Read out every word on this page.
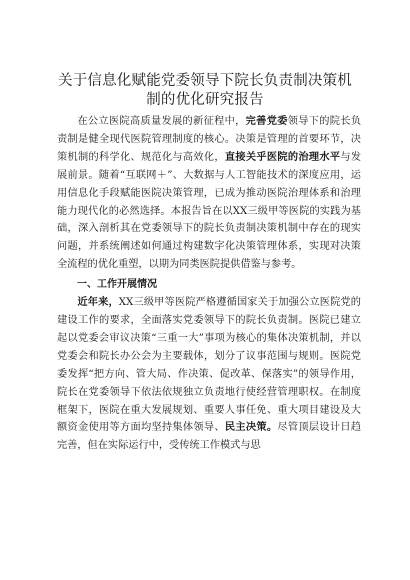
关于信息化赋能党委领导下院长负责制决策机制的优化研究报告

在公立医院高质量发展的新征程中，完善党委领导下的院长负责制是健全现代医院管理制度的核心。决策是管理的首要环节，决策机制的科学化、规范化与高效化，直接关乎医院的治理水平与发展前景。随着“互联网＋”、大数据与人工智能技术的深度应用，运用信息化手段赋能医院决策管理，已成为推动医院治理体系和治理能力现代化的必然选择。本报告旨在以XX三级甲等医院的实践为基础，深入剖析其在党委领导下的院长负责制决策机制中存在的现实问题，并系统阐述如何通过构建数字化决策管理体系，实现对决策全流程的优化重塑，以期为同类医院提供借鉴与参考。

一、工作开展情况

近年来，XX三级甲等医院严格遵循国家关于加强公立医院党的建设工作的要求，全面落实党委领导下的院长负责制。医院已建立起以党委会审议决策“三重一大”事项为核心的集体决策机制，并以党委会和院长办公会为主要载体，划分了议事范围与规则。医院党委发挥“把方向、管大局、作决策、促改革、保落实”的领导作用，院长在党委领导下依法依规独立负责地行使经营管理职权。在制度框架下，医院在重大发展规划、重要人事任免、重大项目建设及大额资金使用等方面均坚持集体领导、民主决策。尽管顶层设计日趋完善，但在实际运行中，受传统工作模式与思
